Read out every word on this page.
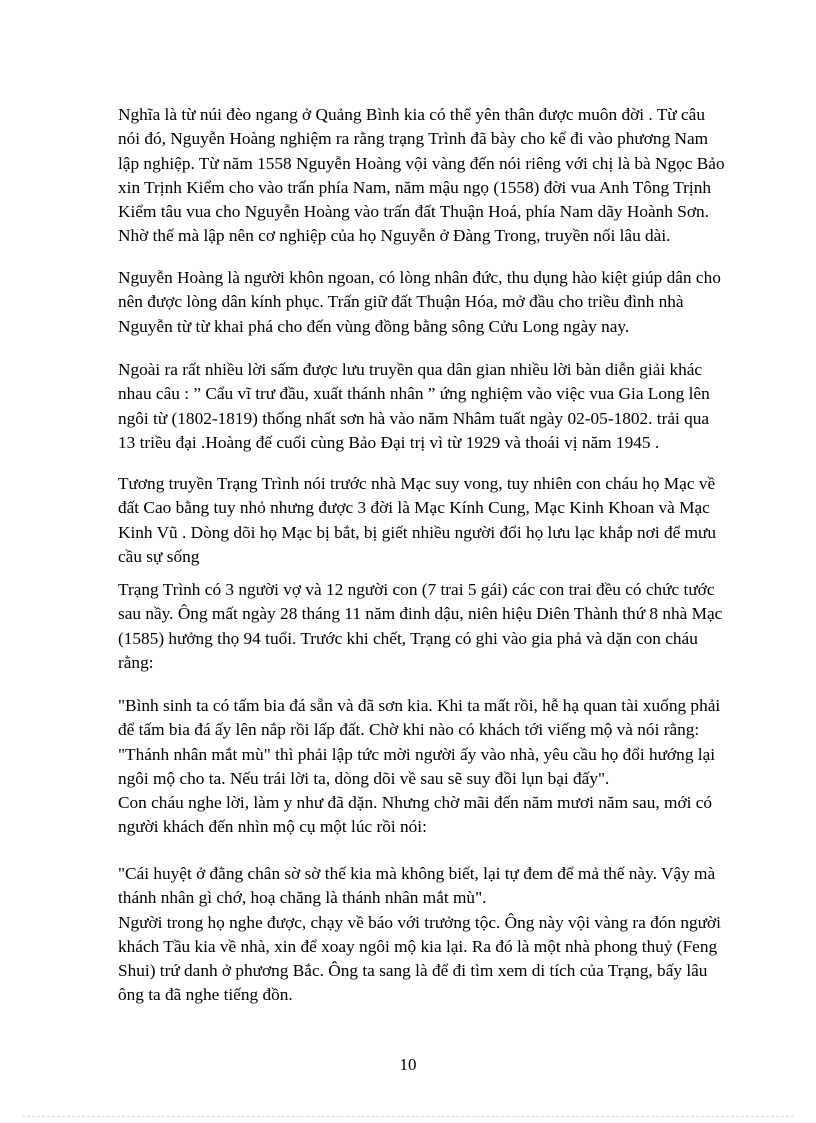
Nghĩa là từ núi đèo ngang ở Quảng Bình kia có thể yên thân được muôn đời . Từ câu
nói đó, Nguyễn Hoàng nghiệm ra rằng trạng Trình đã bày cho kế đi vào phương Nam
lập nghiệp. Từ năm 1558 Nguyễn Hoàng vội vàng đến nói riêng với chị là bà Ngọc Bảo
xin Trịnh Kiểm cho vào trấn phía Nam, năm mậu ngọ (1558) đời vua Anh Tông Trịnh
Kiểm tâu vua cho Nguyễn Hoàng vào trấn đất Thuận Hoá, phía Nam dãy Hoành Sơn.
Nhờ thế mà lập nên cơ nghiệp của họ Nguyễn ở Đàng Trong, truyền nối lâu dài.

Nguyễn Hoàng là người khôn ngoan, có lòng nhân đức, thu dụng hào kiệt giúp dân cho
nên được lòng dân kính phục. Trấn giữ đất Thuận Hóa, mở đầu cho triều đình nhà
Nguyễn từ từ khai phá cho đến vùng đồng bằng sông Cửu Long ngày nay.

Ngoài ra rất nhiều lời sấm được lưu truyền qua dân gian nhiều lời bàn diễn giải khác
nhau câu : ” Cẩu vĩ trư đầu, xuất thánh nhân ” ứng nghiệm vào việc vua Gia Long lên
ngôi từ (1802-1819) thống nhất sơn hà vào năm Nhâm tuất ngày 02-05-1802. trải qua
13 triều đại .Hoàng đế cuối cùng Bảo Đại trị vì từ 1929 và thoái vị năm 1945 .

Tương truyền Trạng Trình nói trước nhà Mạc suy vong, tuy nhiên con cháu họ Mạc về
đất Cao bằng tuy nhỏ nhưng được 3 đời là Mạc Kính Cung, Mạc Kinh Khoan và Mạc
Kinh Vũ . Dòng dõi họ Mạc bị bắt, bị giết nhiều người đổi họ lưu lạc khắp nơi để mưu
cầu sự sống

Trạng Trình có 3 người vợ và 12 người con (7 trai 5 gái) các con trai đều có chức tước
sau nầy. Ông mất ngày 28 tháng 11 năm đinh dậu, niên hiệu Diên Thành thứ 8 nhà Mạc
(1585) hưởng thọ 94 tuổi. Trước khi chết, Trạng có ghi vào gia phả và dặn con cháu
rằng:

"Bình sinh ta có tấm bia đá sẵn và đã sơn kia. Khi ta mất rồi, hễ hạ quan tài xuống phải
để tấm bia đá ấy lên nắp rồi lấp đất. Chờ khi nào có khách tới viếng mộ và nói rằng:
"Thánh nhân mắt mù" thì phải lập tức mời người ấy vào nhà, yêu cầu họ đổi hướng lại
ngôi mộ cho ta. Nếu trái lời ta, dòng dõi về sau sẽ suy đồi lụn bại đấy".
Con cháu nghe lời, làm y như đã dặn. Nhưng chờ mãi đến năm mươi năm sau, mới có
người khách đến nhìn mộ cụ một lúc rồi nói:

"Cái huyệt ở đằng chân sờ sờ thế kia mà không biết, lại tự đem để mả thế này. Vậy mà
thánh nhân gì chớ, hoạ chăng là thánh nhân mắt mù".
Người trong họ nghe được, chạy về báo với trưởng tộc. Ông này vội vàng ra đón người
khách Tầu kia về nhà, xin để xoay ngôi mộ kia lại. Ra đó là một nhà phong thuỷ (Feng
Shui) trứ danh ở phương Bắc. Ông ta sang là để đi tìm xem di tích của Trạng, bấy lâu
ông ta đã nghe tiếng đồn.

10
